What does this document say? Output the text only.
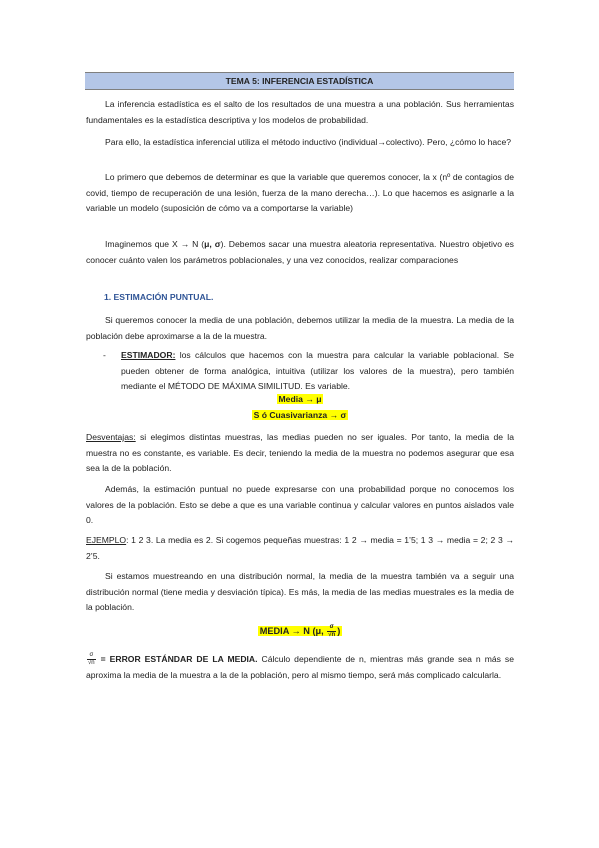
TEMA 5: INFERENCIA ESTADÍSTICA

La inferencia estadística es el salto de los resultados de una muestra a una población. Sus herramientas fundamentales es la estadística descriptiva y los modelos de probabilidad.

Para ello, la estadística inferencial utiliza el método inductivo (individual→colectivo). Pero, ¿cómo lo hace?

Lo primero que debemos de determinar es que la variable que queremos conocer, la x (nº de contagios de covid, tiempo de recuperación de una lesión, fuerza de la mano derecha…). Lo que hacemos es asignarle a la variable un modelo (suposición de cómo va a comportarse la variable)

Imaginemos que X → N (μ, σ). Debemos sacar una muestra aleatoria representativa. Nuestro objetivo es conocer cuánto valen los parámetros poblacionales, y una vez conocidos, realizar comparaciones

1. ESTIMACIÓN PUNTUAL.

Si queremos conocer la media de una población, debemos utilizar la media de la muestra. La media de la población debe aproximarse a la de la muestra.

- ESTIMADOR: los cálculos que hacemos con la muestra para calcular la variable poblacional. Se pueden obtener de forma analógica, intuitiva (utilizar los valores de la muestra), pero también mediante el MÉTODO DE MÁXIMA SIMILITUD. Es variable.

Media → μ
S ó Cuasivarianza → σ

Desventajas: si elegimos distintas muestras, las medias pueden no ser iguales. Por tanto, la media de la muestra no es constante, es variable. Es decir, teniendo la media de la muestra no podemos asegurar que esa sea la de la población.

Además, la estimación puntual no puede expresarse con una probabilidad porque no conocemos los valores de la población. Esto se debe a que es una variable continua y calcular valores en puntos aislados vale 0.

EJEMPLO: 1 2 3. La media es 2. Si cogemos pequeñas muestras: 1 2 → media = 1’5; 1 3 → media = 2; 2 3 → 2’5.

Si estamos muestreando en una distribución normal, la media de la muestra también va a seguir una distribución normal (tiene media y desviación típica). Es más, la media de las medias muestrales es la media de la población.

MEDIA → N (μ, $\frac{\sigma}{√n}$ )

$\frac{\sigma}{√n}$ = ERROR ESTÁNDAR DE LA MEDIA. Cálculo dependiente de n, mientras más grande sea n más se aproxima la media de la muestra a la de la población, pero al mismo tiempo, será más complicado calcularla.
